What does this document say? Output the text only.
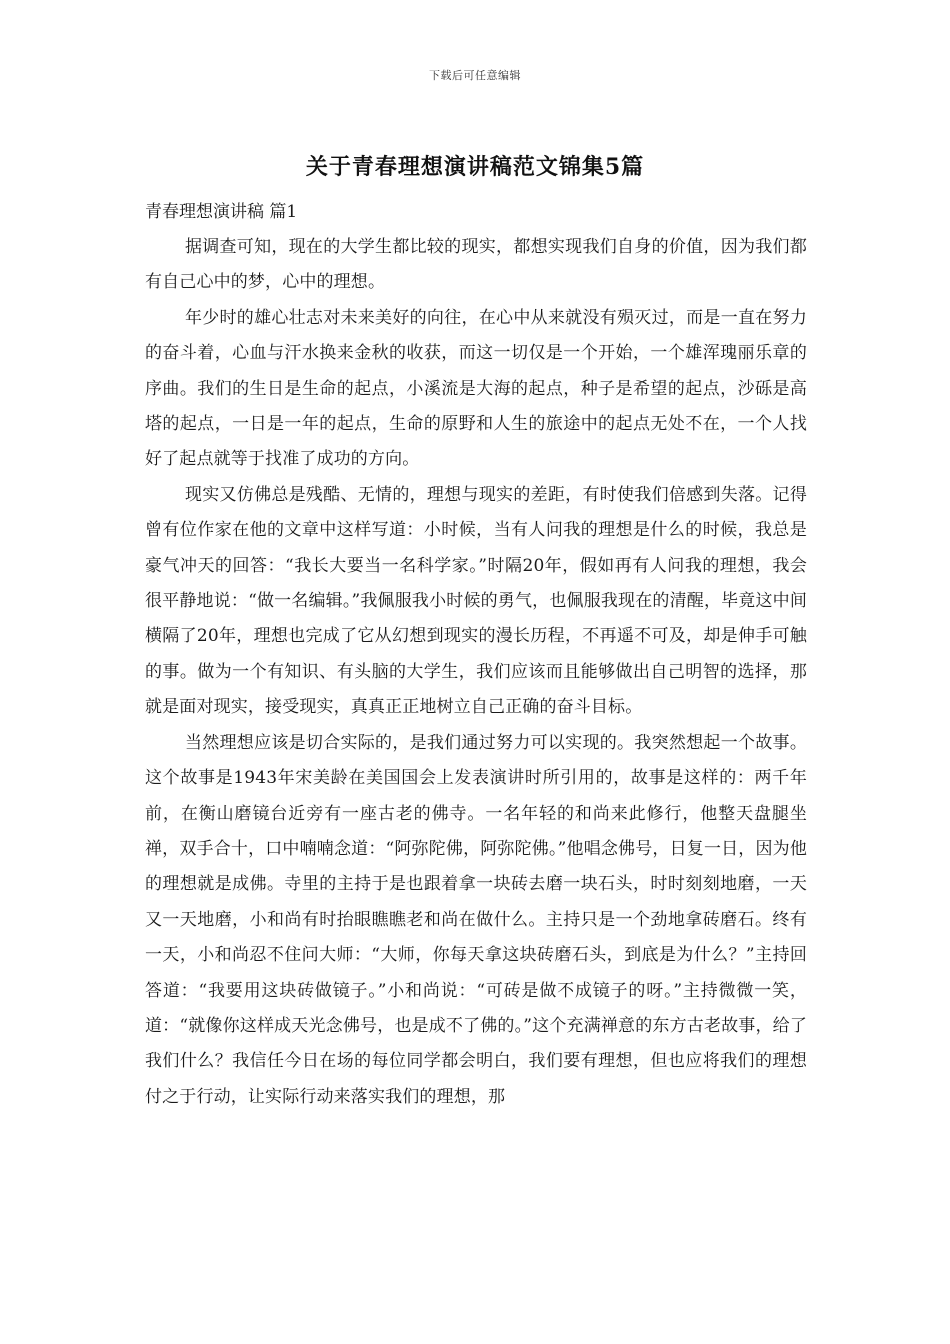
下载后可任意编辑
关于青春理想演讲稿范文锦集5篇
青春理想演讲稿 篇1

据调查可知，现在的大学生都比较的现实，都想实现我们自身的价值，因为我们都有自己心中的梦，心中的理想。

年少时的雄心壮志对未来美好的向往，在心中从来就没有殒灭过，而是一直在努力的奋斗着，心血与汗水换来金秋的收获，而这一切仅是一个开始，一个雄浑瑰丽乐章的序曲。我们的生日是生命的起点，小溪流是大海的起点，种子是希望的起点，沙砾是高塔的起点，一日是一年的起点，生命的原野和人生的旅途中的起点无处不在，一个人找好了起点就等于找准了成功的方向。

现实又仿佛总是残酷、无情的，理想与现实的差距，有时使我们倍感到失落。记得曾有位作家在他的文章中这样写道：小时候，当有人问我的理想是什么的时候，我总是豪气冲天的回答：“我长大要当一名科学家。”时隔20年，假如再有人问我的理想，我会很平静地说：“做一名编辑。”我佩服我小时候的勇气，也佩服我现在的清醒，毕竟这中间横隔了20年，理想也完成了它从幻想到现实的漫长历程，不再遥不可及，却是伸手可触的事。做为一个有知识、有头脑的大学生，我们应该而且能够做出自己明智的选择，那就是面对现实，接受现实，真真正正地树立自己正确的奋斗目标。

当然理想应该是切合实际的，是我们通过努力可以实现的。我突然想起一个故事。这个故事是1943年宋美龄在美国国会上发表演讲时所引用的，故事是这样的：两千年前，在衡山磨镜台近旁有一座古老的佛寺。一名年轻的和尚来此修行，他整天盘腿坐禅，双手合十，口中喃喃念道：“阿弥陀佛，阿弥陀佛。”他唱念佛号，日复一日，因为他的理想就是成佛。寺里的主持于是也跟着拿一块砖去磨一块石头，时时刻刻地磨，一天又一天地磨，小和尚有时抬眼瞧瞧老和尚在做什么。主持只是一个劲地拿砖磨石。终有一天，小和尚忍不住问大师：“大师，你每天拿这块砖磨石头，到底是为什么？”主持回答道：“我要用这块砖做镜子。”小和尚说：“可砖是做不成镜子的呀。”主持微微一笑，道：“就像你这样成天光念佛号，也是成不了佛的。”这个充满禅意的东方古老故事，给了我们什么？我信任今日在场的每位同学都会明白，我们要有理想，但也应将我们的理想付之于行动，让实际行动来落实我们的理想，那
